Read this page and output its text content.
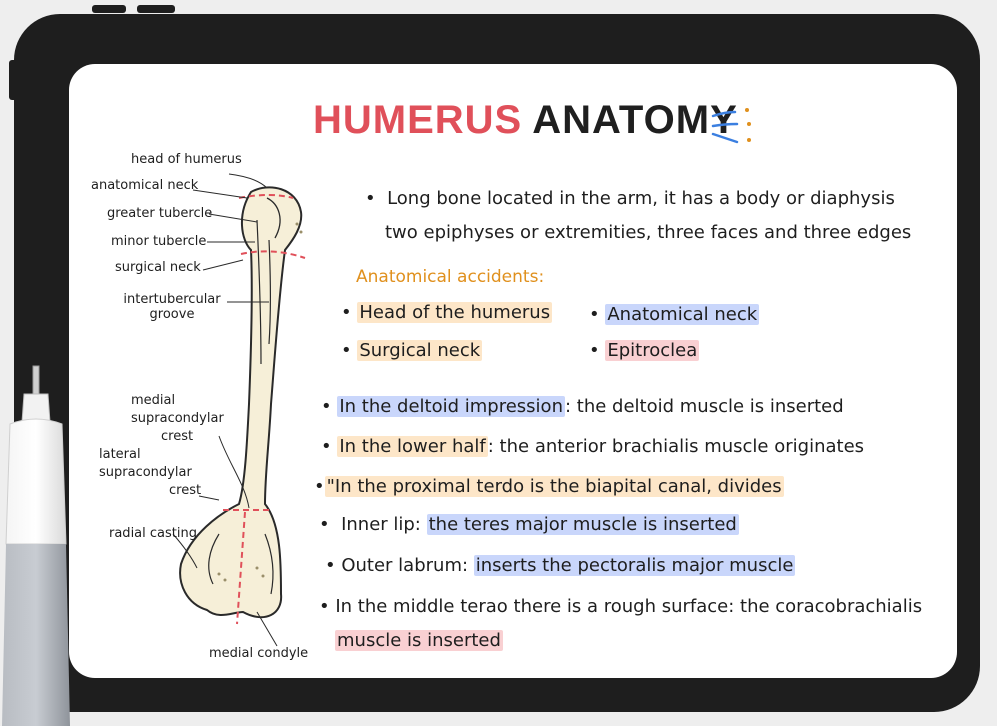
HUMERUS ANATOMY
•  Long bone located in the arm, it has a body or diaphysis
two epiphyses or extremities, three faces and three edges
Anatomical accidents:
• Head of the humerus • Anatomical neck
• Surgical neck	• Epitroclea
• In the deltoid impression : the deltoid muscle is inserted
• In the lower half : the anterior brachialis muscle originates
• "In the proximal terdo is the biapital canal, divides
•  Inner lip: the teres major muscle is inserted
• Outer labrum: inserts the pectoralis major muscle
• In the middle terao there is a rough surface: the coracobrachialis
muscle is inserted
head of humerus
anatomical neck
greater tubercle
minor tubercle
surgical neck
intertubercular
groove
medial
supracondylar
crest
lateral
supracondylar
crest
radial casting
medial condyle
